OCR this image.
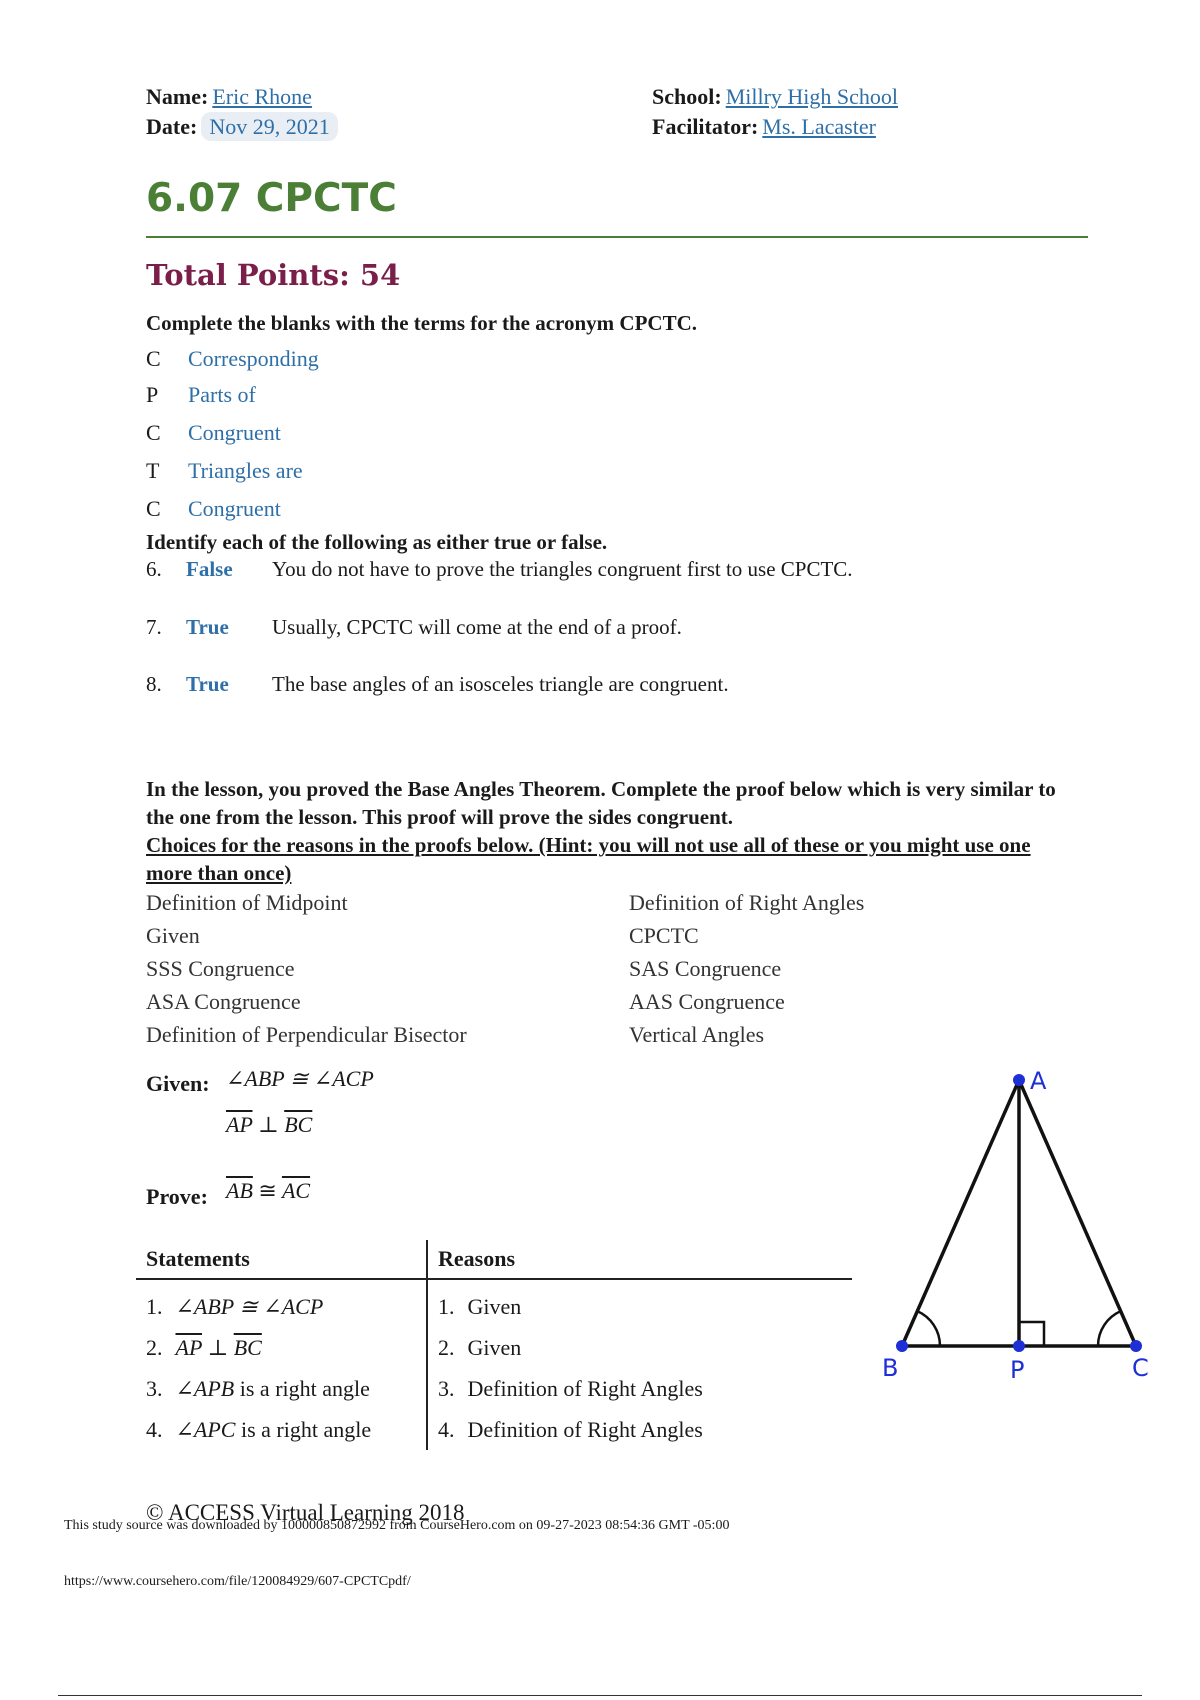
Name: Eric Rhone
Date: Nov 29, 2021
School: Millry High School
Facilitator: Ms. Lacaster
6.07 CPCTC
Total Points: 54
Complete the blanks with the terms for the acronym CPCTC.
C Corresponding
P Parts of
C Congruent
T Triangles are
C Congruent
Identify each of the following as either true or false.
6. False You do not have to prove the triangles congruent first to use CPCTC.
7. True Usually, CPCTC will come at the end of a proof.
8. True The base angles of an isosceles triangle are congruent.
In the lesson, you proved the Base Angles Theorem. Complete the proof below which is very similar to the one from the lesson. This proof will prove the sides congruent.
Choices for the reasons in the proofs below. (Hint: you will not use all of these or you might use one more than once)
Definition of Midpoint
Given
SSS Congruence
ASA Congruence
Definition of Perpendicular Bisector
Definition of Right Angles
CPCTC
SAS Congruence
AAS Congruence
Vertical Angles
Given: ∠ABP ≅ ∠ACP
$\overline{AP}$ ⊥ $\overline{BC}$
Prove: $\overline{AB}$ ≅ $\overline{AC}$
Statements	Reasons
1. ∠ABP ≅ ∠ACP	1. Given
2. $\overline{AP}$ ⊥ $\overline{BC}$	2. Given
3. ∠APB is a right angle	3. Definition of Right Angles
4. ∠APC is a right angle	4. Definition of Right Angles
A
B	P	C
© ACCESS Virtual Learning 2018
This study source was downloaded by 100000850872992 from CourseHero.com on 09-27-2023 08:54:36 GMT -05:00
https://www.coursehero.com/file/120084929/607-CPCTCpdf/
